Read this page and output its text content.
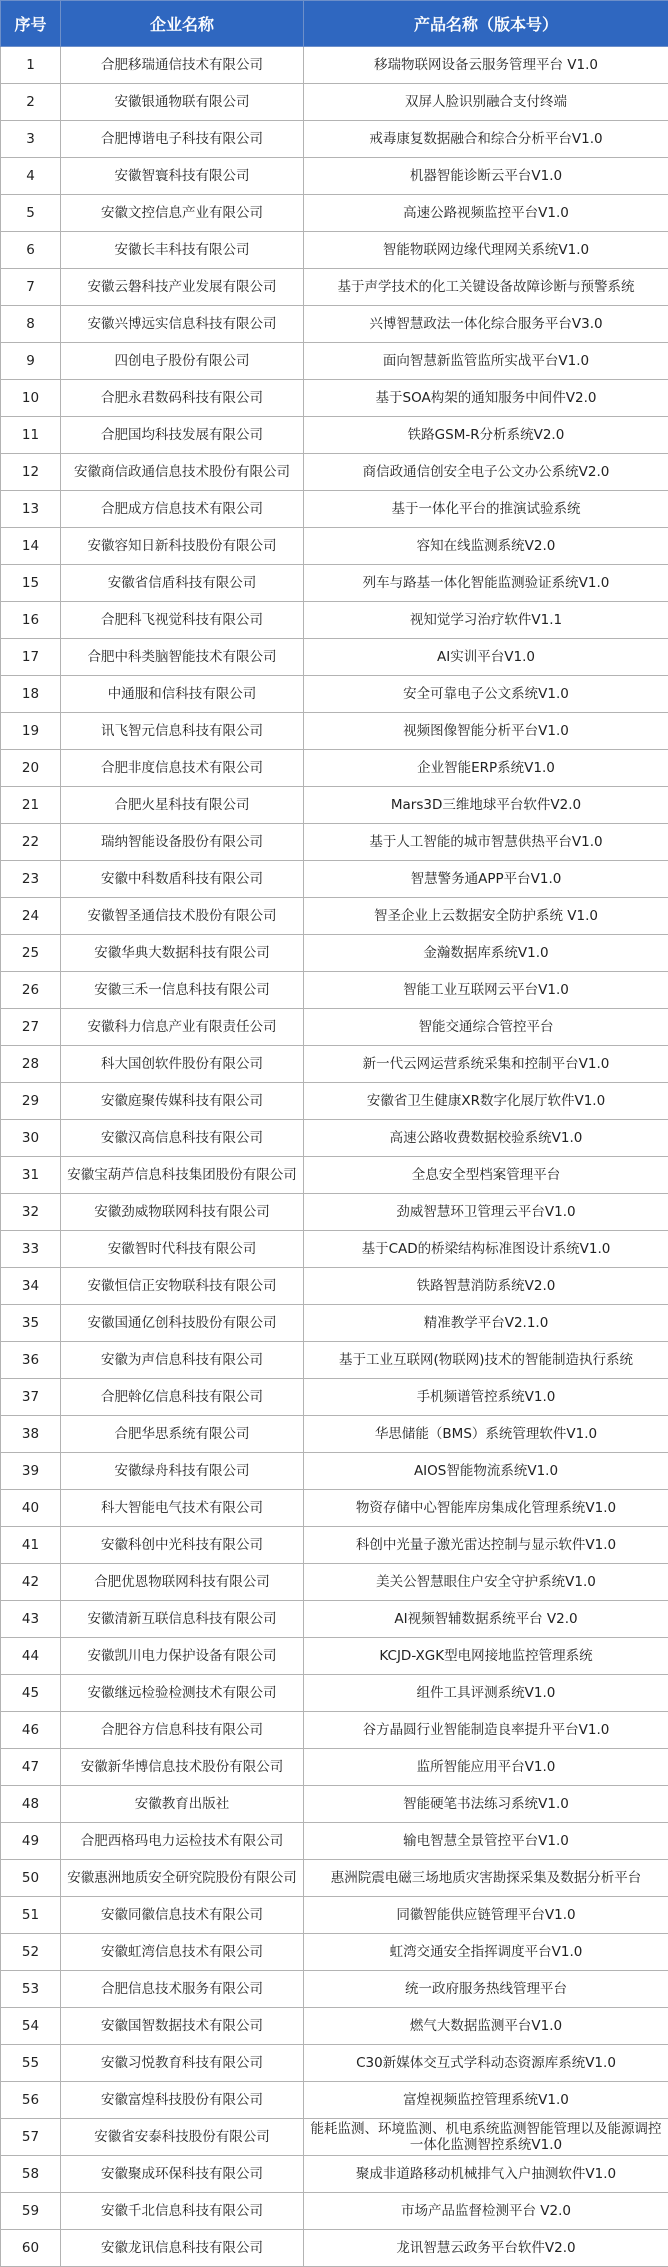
序号	企业名称	产品名称（版本号）
1	合肥移瑞通信技术有限公司	移瑞物联网设备云服务管理平台 V1.0
2	安徽银通物联有限公司	双屏人脸识别融合支付终端
3	合肥博谐电子科技有限公司	戒毒康复数据融合和综合分析平台V1.0
4	安徽智寰科技有限公司	机器智能诊断云平台V1.0
5	安徽文控信息产业有限公司	高速公路视频监控平台V1.0
6	安徽长丰科技有限公司	智能物联网边缘代理网关系统V1.0
7	安徽云磐科技产业发展有限公司	基于声学技术的化工关键设备故障诊断与预警系统
8	安徽兴博远实信息科技有限公司	兴博智慧政法一体化综合服务平台V3.0
9	四创电子股份有限公司	面向智慧新监管监所实战平台V1.0
10	合肥永君数码科技有限公司	基于SOA构架的通知服务中间件V2.0
11	合肥国均科技发展有限公司	铁路GSM-R分析系统V2.0
12	安徽商信政通信息技术股份有限公司	商信政通信创安全电子公文办公系统V2.0
13	合肥成方信息技术有限公司	基于一体化平台的推演试验系统
14	安徽容知日新科技股份有限公司	容知在线监测系统V2.0
15	安徽省信盾科技有限公司	列车与路基一体化智能监测验证系统V1.0
16	合肥科飞视觉科技有限公司	视知觉学习治疗软件V1.1
17	合肥中科类脑智能技术有限公司	AI实训平台V1.0
18	中通服和信科技有限公司	安全可靠电子公文系统V1.0
19	讯飞智元信息科技有限公司	视频图像智能分析平台V1.0
20	合肥非度信息技术有限公司	企业智能ERP系统V1.0
21	合肥火星科技有限公司	Mars3D三维地球平台软件V2.0
22	瑞纳智能设备股份有限公司	基于人工智能的城市智慧供热平台V1.0
23	安徽中科数盾科技有限公司	智慧警务通APP平台V1.0
24	安徽智圣通信技术股份有限公司	智圣企业上云数据安全防护系统 V1.0
25	安徽华典大数据科技有限公司	金瀚数据库系统V1.0
26	安徽三禾一信息科技有限公司	智能工业互联网云平台V1.0
27	安徽科力信息产业有限责任公司	智能交通综合管控平台
28	科大国创软件股份有限公司	新一代云网运营系统采集和控制平台V1.0
29	安徽庭聚传媒科技有限公司	安徽省卫生健康XR数字化展厅软件V1.0
30	安徽汉高信息科技有限公司	高速公路收费数据校验系统V1.0
31	安徽宝葫芦信息科技集团股份有限公司	全息安全型档案管理平台
32	安徽劲威物联网科技有限公司	劲威智慧环卫管理云平台V1.0
33	安徽智时代科技有限公司	基于CAD的桥梁结构标准图设计系统V1.0
34	安徽恒信正安物联科技有限公司	铁路智慧消防系统V2.0
35	安徽国通亿创科技股份有限公司	精准教学平台V2.1.0
36	安徽为声信息科技有限公司	基于工业互联网(物联网)技术的智能制造执行系统
37	合肥斡亿信息科技有限公司	手机频谱管控系统V1.0
38	合肥华思系统有限公司	华思储能（BMS）系统管理软件V1.0
39	安徽绿舟科技有限公司	AIOS智能物流系统V1.0
40	科大智能电气技术有限公司	物资存储中心智能库房集成化管理系统V1.0
41	安徽科创中光科技有限公司	科创中光量子激光雷达控制与显示软件V1.0
42	合肥优恩物联网科技有限公司	美关公智慧眼住户安全守护系统V1.0
43	安徽清新互联信息科技有限公司	AI视频智辅数据系统平台 V2.0
44	安徽凯川电力保护设备有限公司	KCJD-XGK型电网接地监控管理系统
45	安徽继远检验检测技术有限公司	组件工具评测系统V1.0
46	合肥谷方信息科技有限公司	谷方晶圆行业智能制造良率提升平台V1.0
47	安徽新华博信息技术股份有限公司	监所智能应用平台V1.0
48	安徽教育出版社	智能硬笔书法练习系统V1.0
49	合肥西格玛电力运检技术有限公司	输电智慧全景管控平台V1.0
50	安徽惠洲地质安全研究院股份有限公司	惠洲院震电磁三场地质灾害勘探采集及数据分析平台
51	安徽同徽信息技术有限公司	同徽智能供应链管理平台V1.0
52	安徽虹湾信息技术有限公司	虹湾交通安全指挥调度平台V1.0
53	合肥信息技术服务有限公司	统一政府服务热线管理平台
54	安徽国智数据技术有限公司	燃气大数据监测平台V1.0
55	安徽习悦教育科技有限公司	C30新媒体交互式学科动态资源库系统V1.0
56	安徽富煌科技股份有限公司	富煌视频监控管理系统V1.0
57	安徽省安泰科技股份有限公司	能耗监测、环境监测、机电系统监测智能管理以及能源调控一体化监测智控系统V1.0
58	安徽聚成环保科技有限公司	聚成非道路移动机械排气入户抽测软件V1.0
59	安徽千北信息科技有限公司	市场产品监督检测平台 V2.0
60	安徽龙讯信息科技有限公司	龙讯智慧云政务平台软件V2.0
